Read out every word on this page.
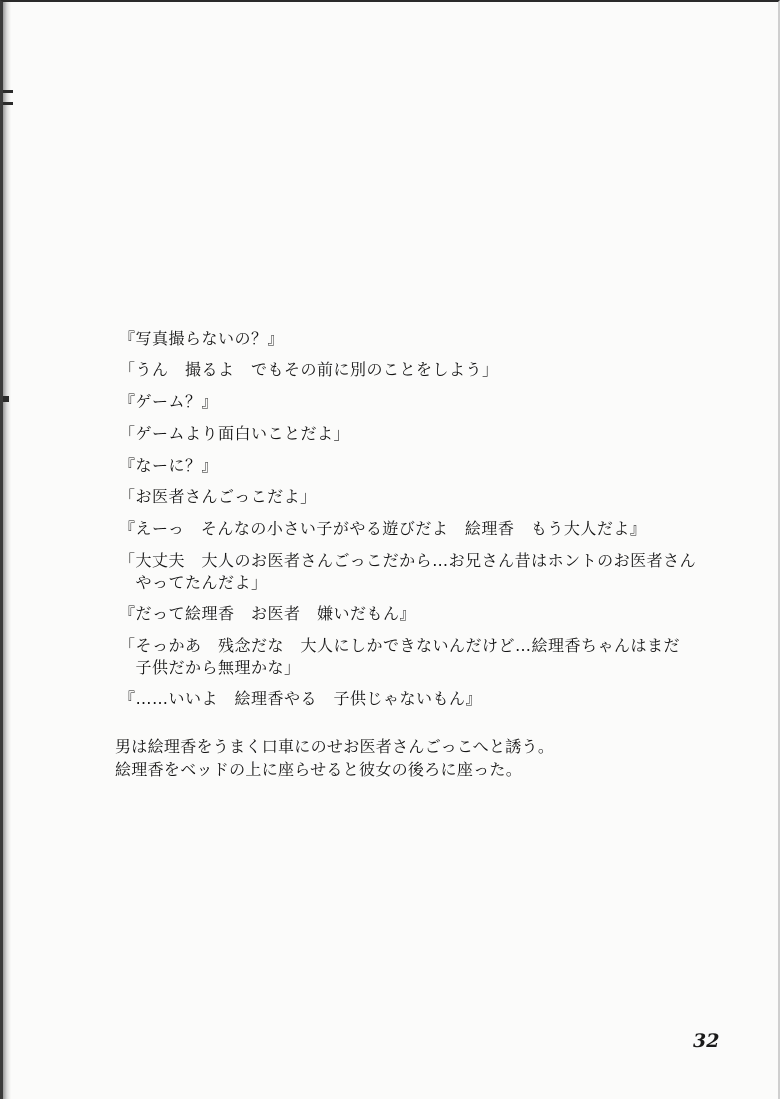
『写真撮らないの？』
「うん　撮るよ　でもその前に別のことをしよう」
『ゲーム？』
「ゲームより面白いことだよ」
『なーに？』
「お医者さんごっこだよ」
『えーっ　そんなの小さい子がやる遊びだよ　絵理香　もう大人だよ』
「大丈夫　大人のお医者さんごっこだから…お兄さん昔はホントのお医者さん
　やってたんだよ」
『だって絵理香　お医者　嫌いだもん』
「そっかあ　残念だな　大人にしかできないんだけど…絵理香ちゃんはまだ
　子供だから無理かな」
『……いいよ　絵理香やる　子供じゃないもん』
男は絵理香をうまく口車にのせお医者さんごっこへと誘う。
絵理香をベッドの上に座らせると彼女の後ろに座った。
32
